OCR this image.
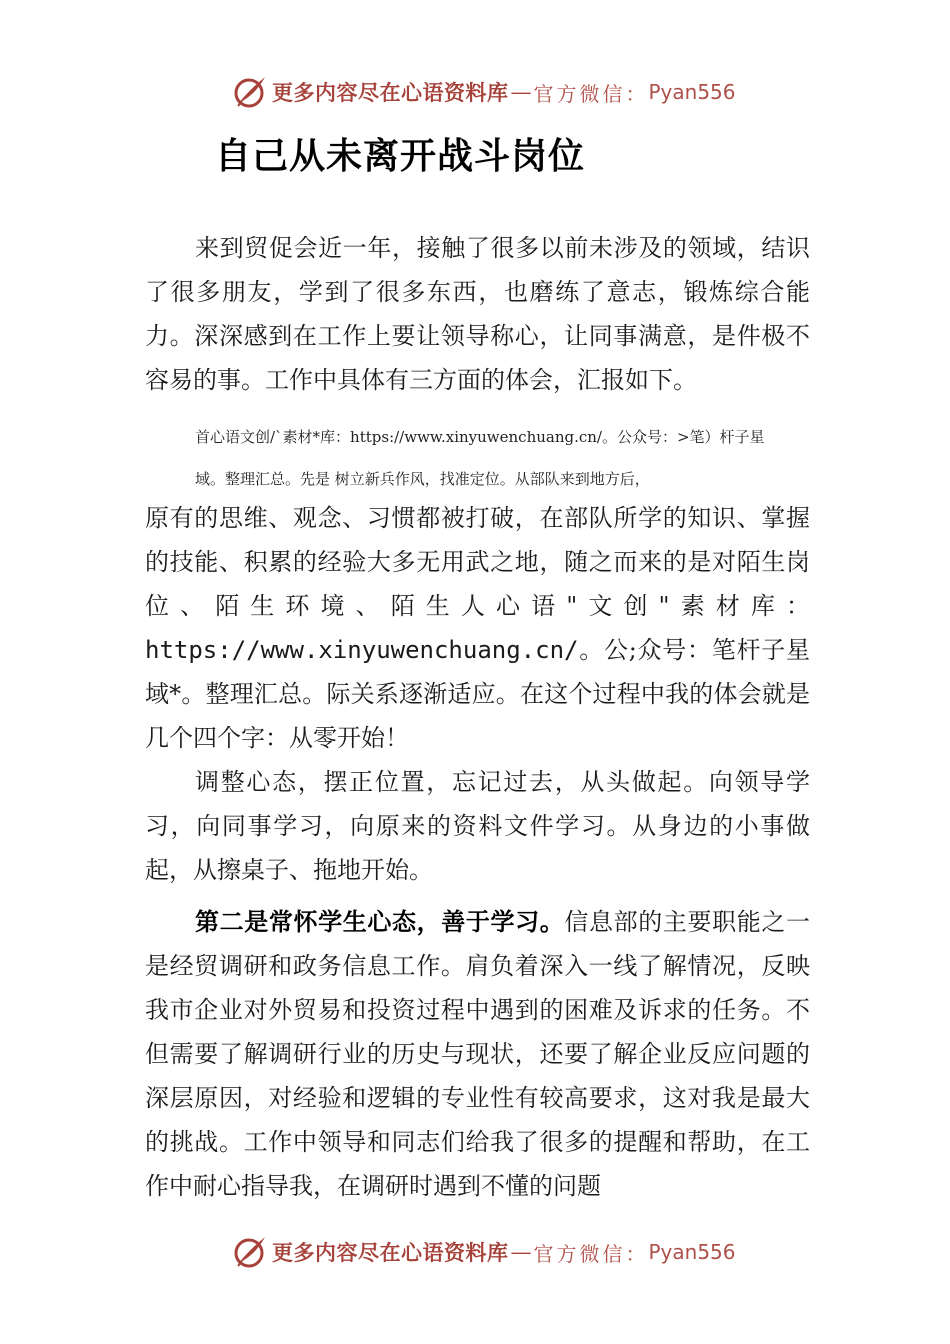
更多内容尽在心语资料库 — 官方微信： Pyan556
自己从未离开战斗岗位

来到贸促会近一年，接触了很多以前未涉及的领域，结识了很多朋友，学到了很多东西，也磨练了意志，锻炼综合能力。深深感到在工作上要让领导称心，让同事满意，是件极不容易的事。工作中具体有三方面的体会，汇报如下。

首心语文创/`素材*库：https://www.xinyuwenchuang.cn/。公众号：>笔）杆子星

域。整理汇总。先是 树立新兵作风，找准定位。从部队来到地方后，

原有的思维、观念、习惯都被打破，在部队所学的知识、掌握的技能、积累的经验大多无用武之地，随之而来的是对陌生岗位、陌生环境、陌生人心语"文创"素材库：https://www.xinyuwenchuang.cn/。公;众号：笔杆子星域*。整理汇总。际关系逐渐适应。在这个过程中我的体会就是几个四个字：从零开始！

调整心态，摆正位置，忘记过去，从头做起。向领导学习，向同事学习，向原来的资料文件学习。从身边的小事做起，从擦桌子、拖地开始。

第二是常怀学生心态，善于学习。信息部的主要职能之一是经贸调研和政务信息工作。肩负着深入一线了解情况，反映我市企业对外贸易和投资过程中遇到的困难及诉求的任务。不但需要了解调研行业的历史与现状，还要了解企业反应问题的深层原因，对经验和逻辑的专业性有较高要求，这对我是最大的挑战。工作中领导和同志们给我了很多的提醒和帮助，在工作中耐心指导我，在调研时遇到不懂的问题

更多内容尽在心语资料库 — 官方微信： Pyan556
